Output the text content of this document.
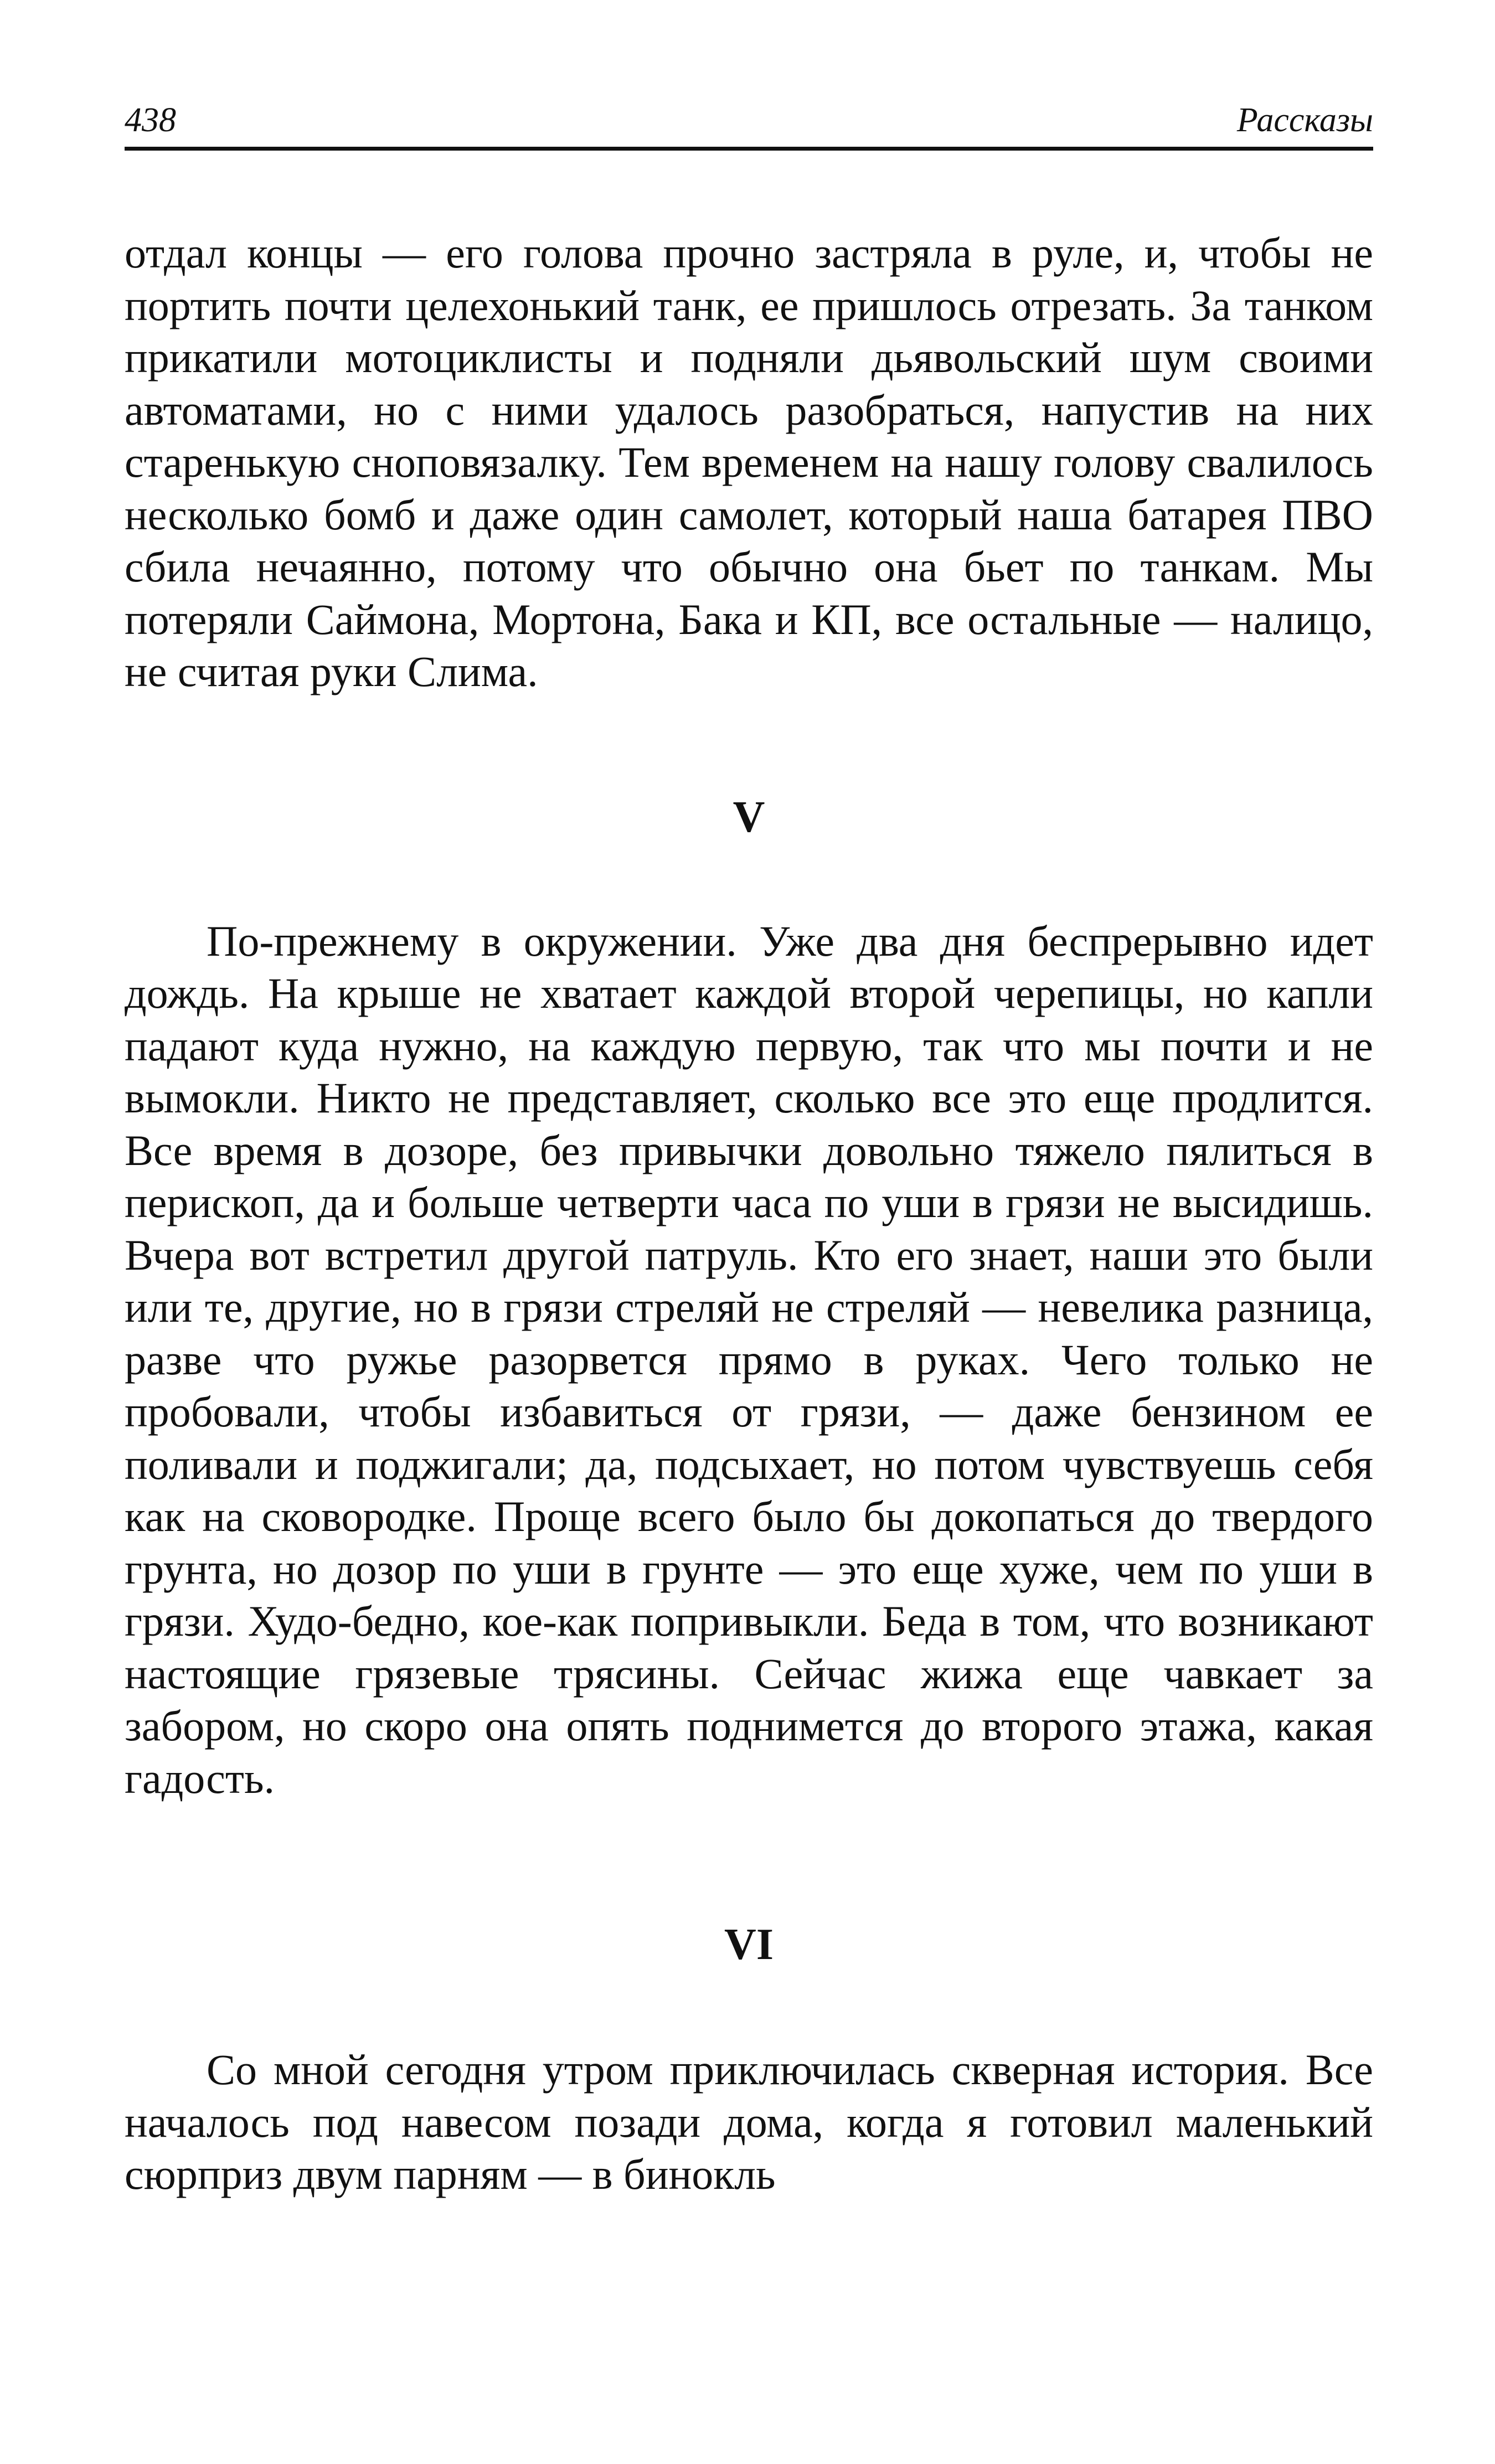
438	Рассказы

отдал концы — его голова прочно застряла в руле, и, чтобы не портить почти целехонький танк, ее пришлось отрезать. За танком прикатили мотоциклисты и подняли дьявольский шум своими автоматами, но с ними удалось разобраться, напустив на них старенькую сноповязалку. Тем временем на нашу голову свалилось несколько бомб и даже один самолет, который наша батарея ПВО сбила нечаянно, потому что обычно она бьет по танкам. Мы потеряли Саймона, Мортона, Бака и КП, все остальные — налицо, не считая руки Слима.

V

По-прежнему в окружении. Уже два дня беспрерывно идет дождь. На крыше не хватает каждой второй черепицы, но капли падают куда нужно, на каждую первую, так что мы почти и не вымокли. Никто не представляет, сколько все это еще продлится. Все время в дозоре, без привычки довольно тяжело пялиться в перископ, да и больше четверти часа по уши в грязи не высидишь. Вчера вот встретил другой патруль. Кто его знает, наши это были или те, другие, но в грязи стреляй не стреляй — невелика разница, разве что ружье разорвется прямо в руках. Чего только не пробовали, чтобы избавиться от грязи, — даже бензином ее поливали и поджигали; да, подсыхает, но потом чувствуешь себя как на сковородке. Проще всего было бы докопаться до твердого грунта, но дозор по уши в грунте — это еще хуже, чем по уши в грязи. Худо-бедно, кое-как попривыкли. Беда в том, что возникают настоящие грязевые трясины. Сейчас жижа еще чавкает за забором, но скоро она опять поднимется до второго этажа, какая гадость.

VI

Со мной сегодня утром приключилась скверная история. Все началось под навесом позади дома, когда я готовил маленький сюрприз двум парням — в бинокль
